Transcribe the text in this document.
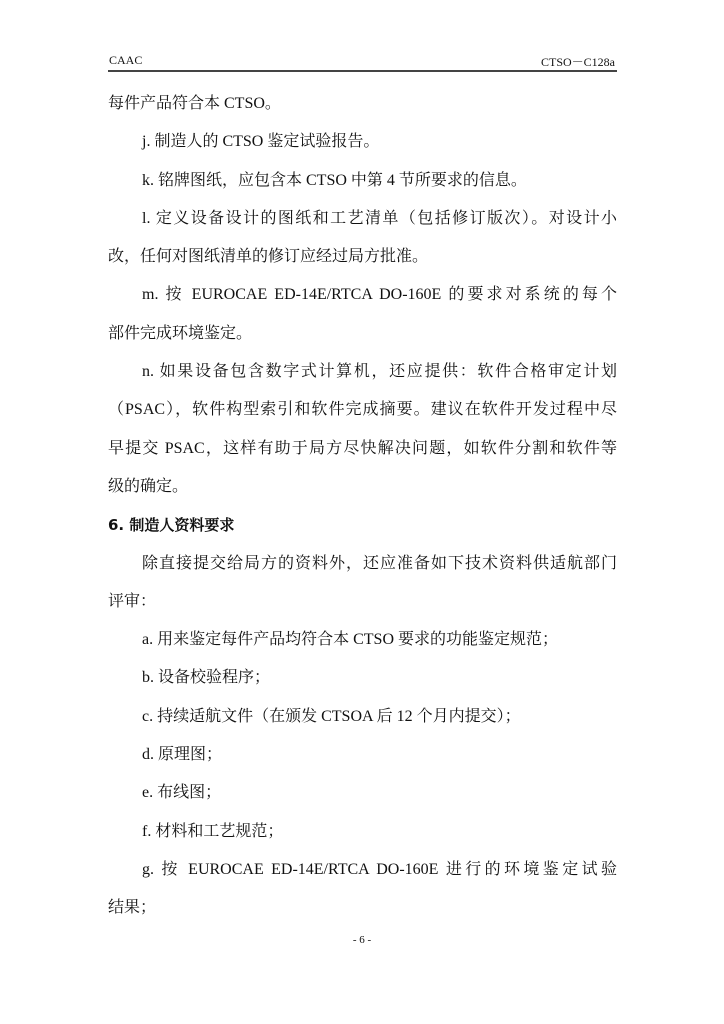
CAAC	CTSO－C128a
每件产品符合本 CTSO。
j. 制造人的 CTSO 鉴定试验报告。
k. 铭牌图纸，应包含本 CTSO 中第 4 节所要求的信息。
l. 定义设备设计的图纸和工艺清单（包括修订版次）。对设计小
改，任何对图纸清单的修订应经过局方批准。
m. 按 EUROCAE ED-14E/RTCA DO-160E 的要求对系统的每个
部件完成环境鉴定。
n. 如果设备包含数字式计算机，还应提供：软件合格审定计划
（PSAC），软件构型索引和软件完成摘要。建议在软件开发过程中尽
早提交 PSAC，这样有助于局方尽快解决问题，如软件分割和软件等
级的确定。
6. 制造人资料要求
除直接提交给局方的资料外，还应准备如下技术资料供适航部门
评审：
a. 用来鉴定每件产品均符合本 CTSO 要求的功能鉴定规范；
b. 设备校验程序；
c. 持续适航文件（在颁发 CTSOA 后 12 个月内提交）；
d. 原理图；
e. 布线图；
f. 材料和工艺规范；
g. 按 EUROCAE ED-14E/RTCA DO-160E 进行的环境鉴定试验
结果；
- 6 -
